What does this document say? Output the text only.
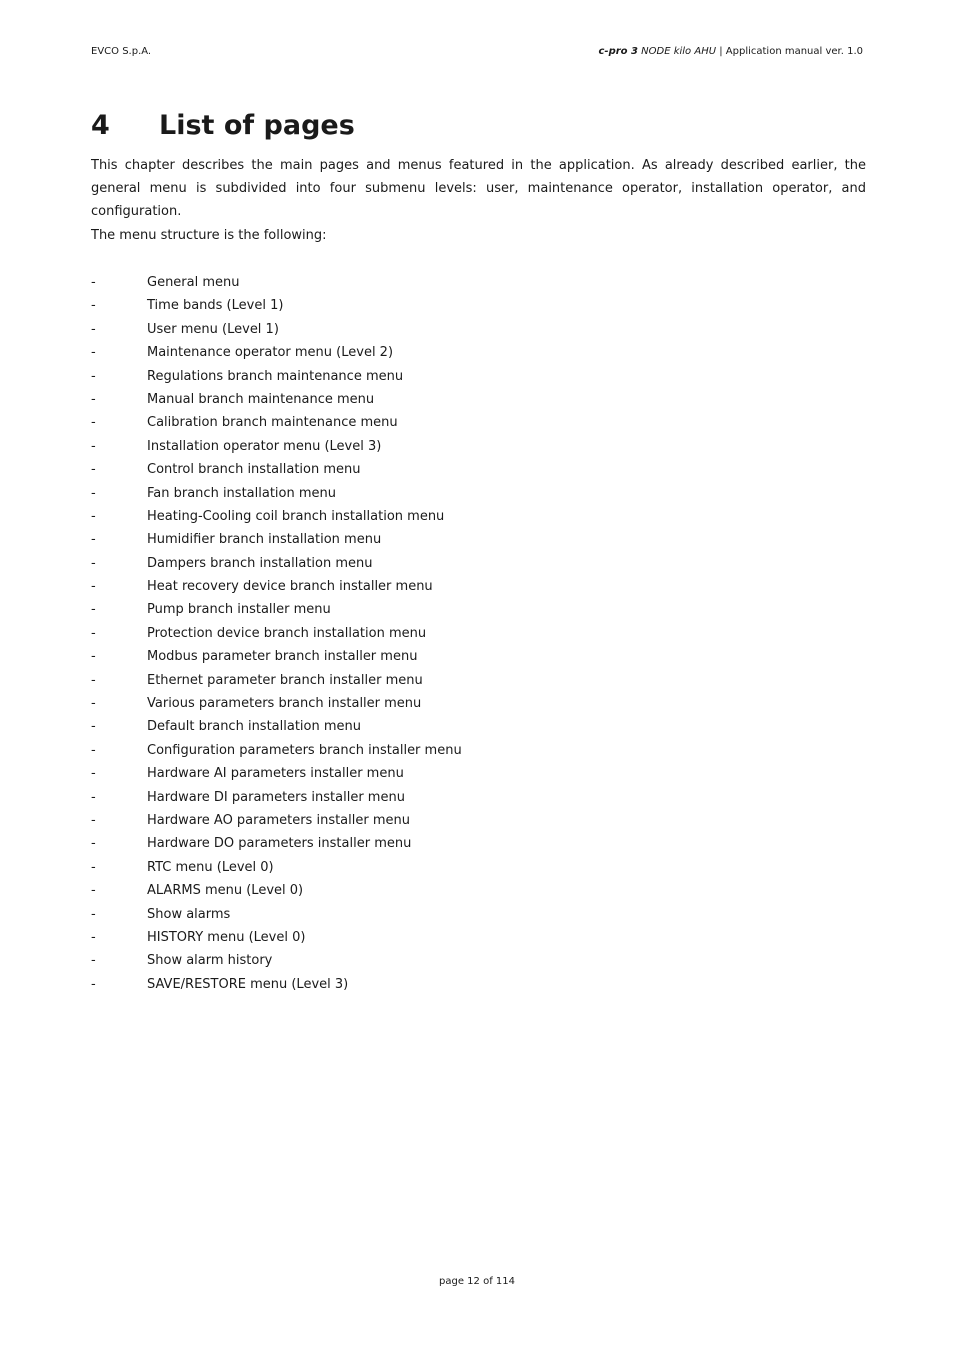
EVCO S.p.A.	c-pro 3 NODE kilo AHU | Application manual ver. 1.0
4 List of pages

This chapter describes the main pages and menus featured in the application. As already described earlier, the general menu is subdivided into four submenu levels: user, maintenance operator, installation operator, and configuration.

The menu structure is the following:

-	General menu
-	Time bands (Level 1)
-	User menu (Level 1)
-	Maintenance operator menu (Level 2)
-	Regulations branch maintenance menu
-	Manual branch maintenance menu
-	Calibration branch maintenance menu
-	Installation operator menu (Level 3)
-	Control branch installation menu
-	Fan branch installation menu
-	Heating-Cooling coil branch installation menu
-	Humidifier branch installation menu
-	Dampers branch installation menu
-	Heat recovery device branch installer menu
-	Pump branch installer menu
-	Protection device branch installation menu
-	Modbus parameter branch installer menu
-	Ethernet parameter branch installer menu
-	Various parameters branch installer menu
-	Default branch installation menu
-	Configuration parameters branch installer menu
-	Hardware AI parameters installer menu
-	Hardware DI parameters installer menu
-	Hardware AO parameters installer menu
-	Hardware DO parameters installer menu
-	RTC menu (Level 0)
-	ALARMS menu (Level 0)
-	Show alarms
-	HISTORY menu (Level 0)
-	Show alarm history
-	SAVE/RESTORE menu (Level 3)
page 12 of 114
